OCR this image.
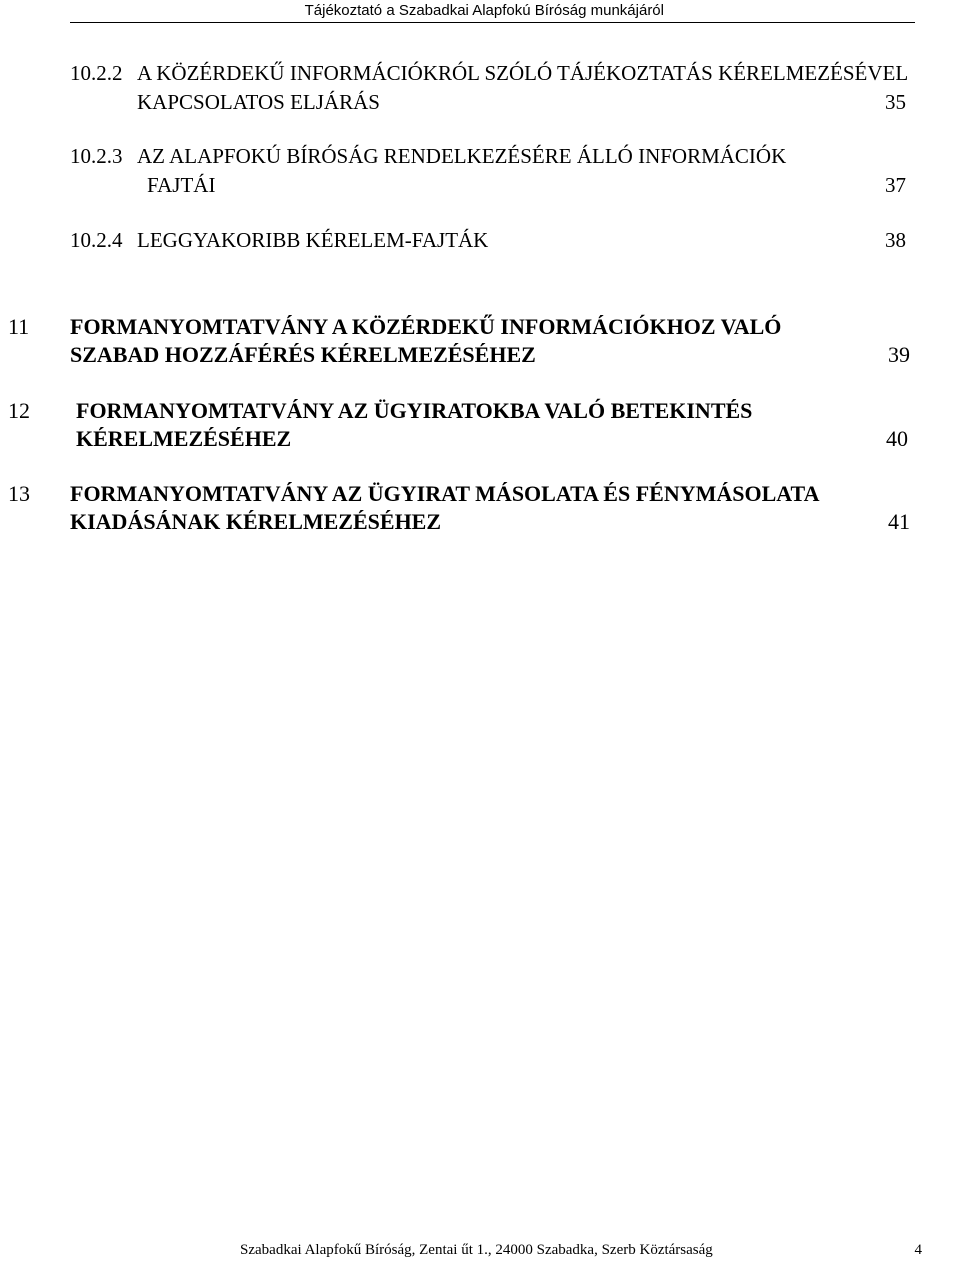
Tájékoztató a Szabadkai Alapfokú Bíróság munkájáról
10.2.2 A KÖZÉRDEKŰ INFORMÁCIÓKRÓL SZÓLÓ TÁJÉKOZTATÁS KÉRELMEZÉSÉVEL
KAPCSOLATOS ELJÁRÁS	35
10.2.3 AZ ALAPFOKÚ BÍRÓSÁG RENDELKEZÉSÉRE ÁLLÓ INFORMÁCIÓK
FAJTÁI	37
10.2.4 LEGGYAKORIBB KÉRELEM-FAJTÁK	38
11 FORMANYOMTATVÁNY A KÖZÉRDEKŰ INFORMÁCIÓKHOZ VALÓ
SZABAD HOZZÁFÉRÉS KÉRELMEZÉSÉHEZ	39
12 FORMANYOMTATVÁNY AZ ÜGYIRATOKBA VALÓ BETEKINTÉS
KÉRELMEZÉSÉHEZ	40
13 FORMANYOMTATVÁNY AZ ÜGYIRAT MÁSOLATA ÉS FÉNYMÁSOLATA
KIADÁSÁNAK KÉRELMEZÉSÉHEZ	41
Szabadkai Alapfokű Bíróság, Zentai űt 1., 24000 Szabadka, Szerb Köztársaság	4
